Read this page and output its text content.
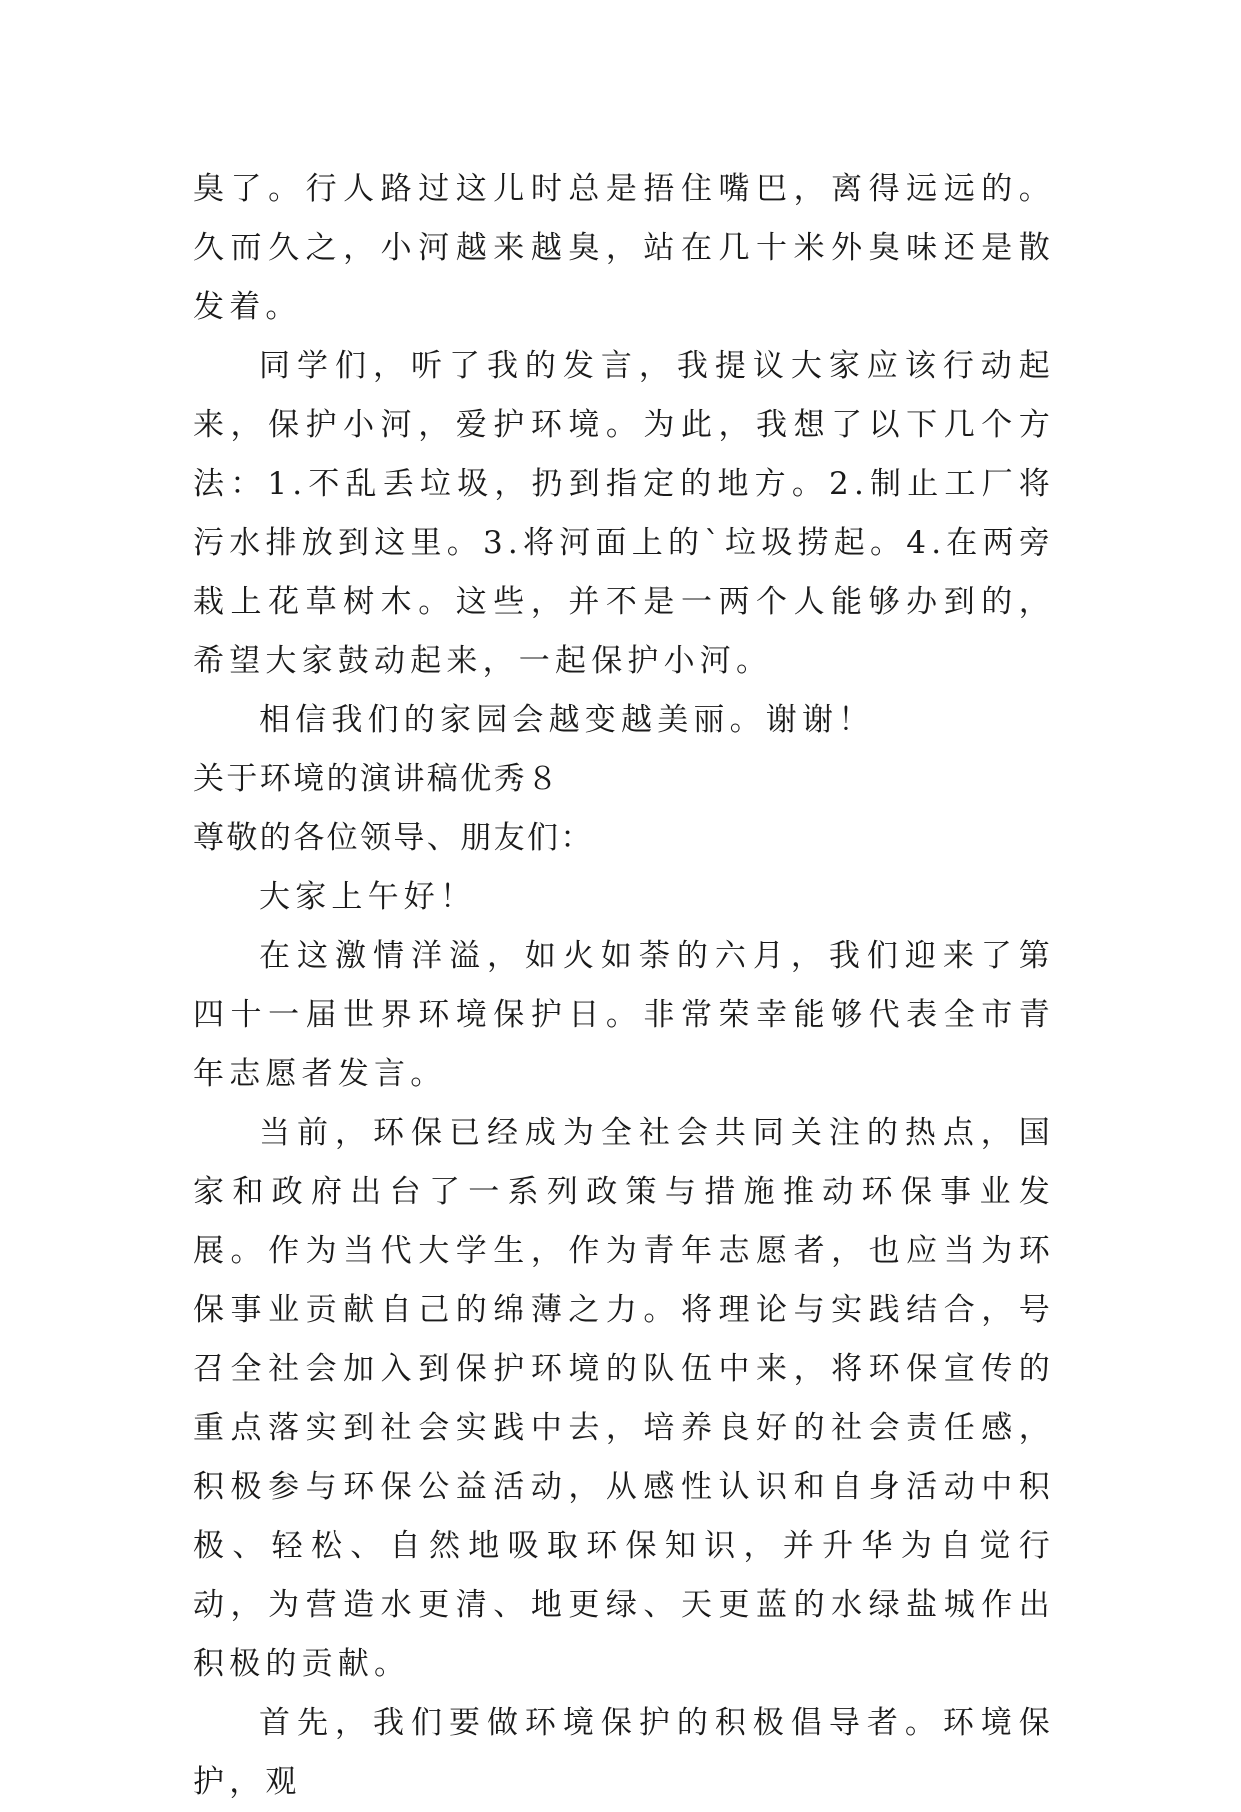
臭了。行人路过这儿时总是捂住嘴巴，离得远远的。久而久之，小河越来越臭，站在几十米外臭味还是散发着。

同学们，听了我的发言，我提议大家应该行动起来，保护小河，爱护环境。为此，我想了以下几个方法：1.不乱丢垃圾，扔到指定的地方。2.制止工厂将污水排放到这里。3.将河面上的`垃圾捞起。4.在两旁栽上花草树木。这些，并不是一两个人能够办到的，希望大家鼓动起来，一起保护小河。

相信我们的家园会越变越美丽。谢谢！

关于环境的演讲稿优秀８

尊敬的各位领导、朋友们：

大家上午好！

在这激情洋溢，如火如荼的六月，我们迎来了第四十一届世界环境保护日。非常荣幸能够代表全市青年志愿者发言。

当前，环保已经成为全社会共同关注的热点，国家和政府出台了一系列政策与措施推动环保事业发展。作为当代大学生，作为青年志愿者，也应当为环保事业贡献自己的绵薄之力。将理论与实践结合，号召全社会加入到保护环境的队伍中来，将环保宣传的重点落实到社会实践中去，培养良好的社会责任感，积极参与环保公益活动，从感性认识和自身活动中积极、轻松、自然地吸取环保知识，并升华为自觉行动，为营造水更清、地更绿、天更蓝的水绿盐城作出积极的贡献。

首先，我们要做环境保护的积极倡导者。环境保护，观
